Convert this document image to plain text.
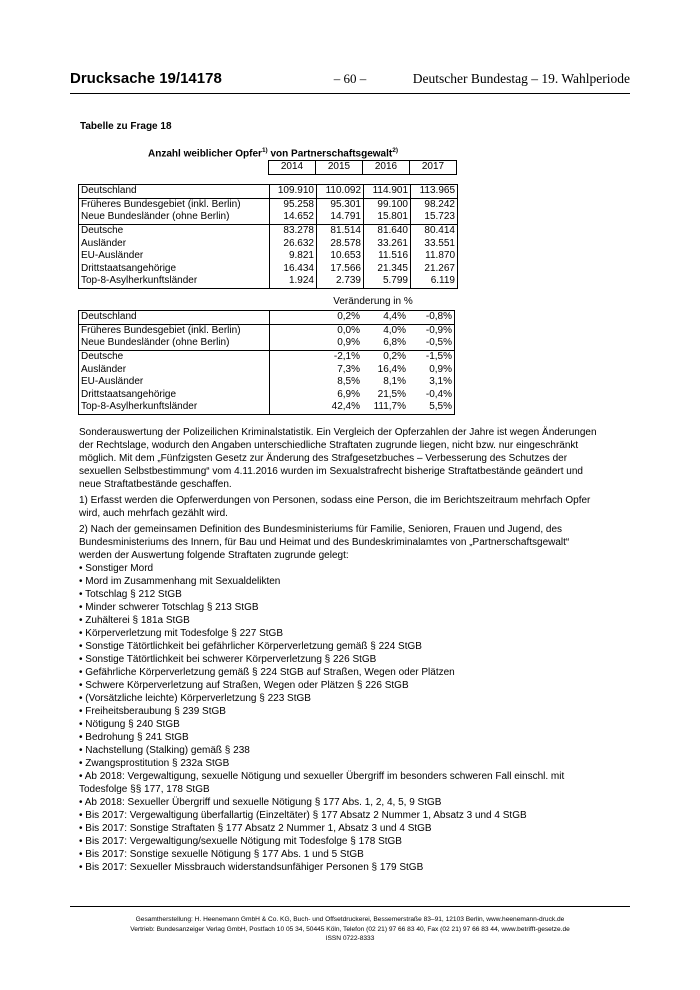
Drucksache 19/14178	– 60 –	Deutscher Bundestag – 19. Wahlperiode
Tabelle zu Frage 18
Anzahl weiblicher Opfer$^{1)}$ von Partnerschaftsgewalt$^{2)}$
	2014	2015	2016	2017
Deutschland	109.910	110.092	114.901	113.965
Früheres Bundesgebiet (inkl. Berlin)	95.258	95.301	99.100	98.242
Neue Bundesländer (ohne Berlin)	14.652	14.791	15.801	15.723
Deutsche	83.278	81.514	81.640	80.414
Ausländer	26.632	28.578	33.261	33.551
EU-Ausländer	9.821	10.653	11.516	11.870
Drittstaatsangehörige	16.434	17.566	21.345	21.267
Top-8-Asylherkunftsländer	1.924	2.739	5.799	6.119
Veränderung in %
Deutschland		0,2%	4,4%	-0,8%
Früheres Bundesgebiet (inkl. Berlin)		0,0%	4,0%	-0,9%
Neue Bundesländer (ohne Berlin)		0,9%	6,8%	-0,5%
Deutsche		-2,1%	0,2%	-1,5%
Ausländer		7,3%	16,4%	0,9%
EU-Ausländer		8,5%	8,1%	3,1%
Drittstaatsangehörige		6,9%	21,5%	-0,4%
Top-8-Asylherkunftsländer		42,4%	111,7%	5,5%

Sonderauswertung der Polizeilichen Kriminalstatistik. Ein Vergleich der Opferzahlen der Jahre ist wegen Änderungen der Rechtslage, wodurch den Angaben unterschiedliche Straftaten zugrunde liegen, nicht bzw. nur eingeschränkt möglich. Mit dem „Fünfzigsten Gesetz zur Änderung des Strafgesetzbuches – Verbesserung des Schutzes der sexuellen Selbstbestimmung“ vom 4.11.2016 wurden im Sexualstrafrecht bisherige Straftatbestände geändert und neue Straftatbestände geschaffen.

1) Erfasst werden die Opferwerdungen von Personen, sodass eine Person, die im Berichtszeitraum mehrfach Opfer wird, auch mehrfach gezählt wird.

2) Nach der gemeinsamen Definition des Bundesministeriums für Familie, Senioren, Frauen und Jugend, des Bundesministeriums des Innern, für Bau und Heimat und des Bundeskriminalamtes von „Partnerschaftsgewalt“ werden der Auswertung folgende Straftaten zugrunde gelegt:

• Sonstiger Mord
• Mord im Zusammenhang mit Sexualdelikten
• Totschlag § 212 StGB
• Minder schwerer Totschlag § 213 StGB
• Zuhälterei § 181a StGB
• Körperverletzung mit Todesfolge § 227 StGB
• Sonstige Tätörtlichkeit bei gefährlicher Körperverletzung gemäß § 224 StGB
• Sonstige Tätörtlichkeit bei schwerer Körperverletzung § 226 StGB
• Gefährliche Körperverletzung gemäß § 224 StGB auf Straßen, Wegen oder Plätzen
• Schwere Körperverletzung auf Straßen, Wegen oder Plätzen § 226 StGB
• (Vorsätzliche leichte) Körperverletzung § 223 StGB
• Freiheitsberaubung § 239 StGB
• Nötigung § 240 StGB
• Bedrohung § 241 StGB
• Nachstellung (Stalking) gemäß § 238
• Zwangsprostitution § 232a StGB
• Ab 2018: Vergewaltigung, sexuelle Nötigung und sexueller Übergriff im besonders schweren Fall einschl. mit Todesfolge §§ 177, 178 StGB
• Ab 2018: Sexueller Übergriff und sexuelle Nötigung § 177 Abs. 1, 2, 4, 5, 9 StGB
• Bis 2017: Vergewaltigung überfallartig (Einzeltäter) § 177 Absatz 2 Nummer 1, Absatz 3 und 4 StGB
• Bis 2017: Sonstige Straftaten § 177 Absatz 2 Nummer 1, Absatz 3 und 4 StGB
• Bis 2017: Vergewaltigung/sexuelle Nötigung mit Todesfolge § 178 StGB
• Bis 2017: Sonstige sexuelle Nötigung § 177 Abs. 1 und 5 StGB
• Bis 2017: Sexueller Missbrauch widerstandsunfähiger Personen § 179 StGB
Gesamtherstellung: H. Heenemann GmbH & Co. KG, Buch- und Offsetdruckerei, Bessemerstraße 83–91, 12103 Berlin, www.heenemann-druck.de
Vertrieb: Bundesanzeiger Verlag GmbH, Postfach 10 05 34, 50445 Köln, Telefon (02 21) 97 66 83 40, Fax (02 21) 97 66 83 44, www.betrifft-gesetze.de
ISSN 0722-8333
